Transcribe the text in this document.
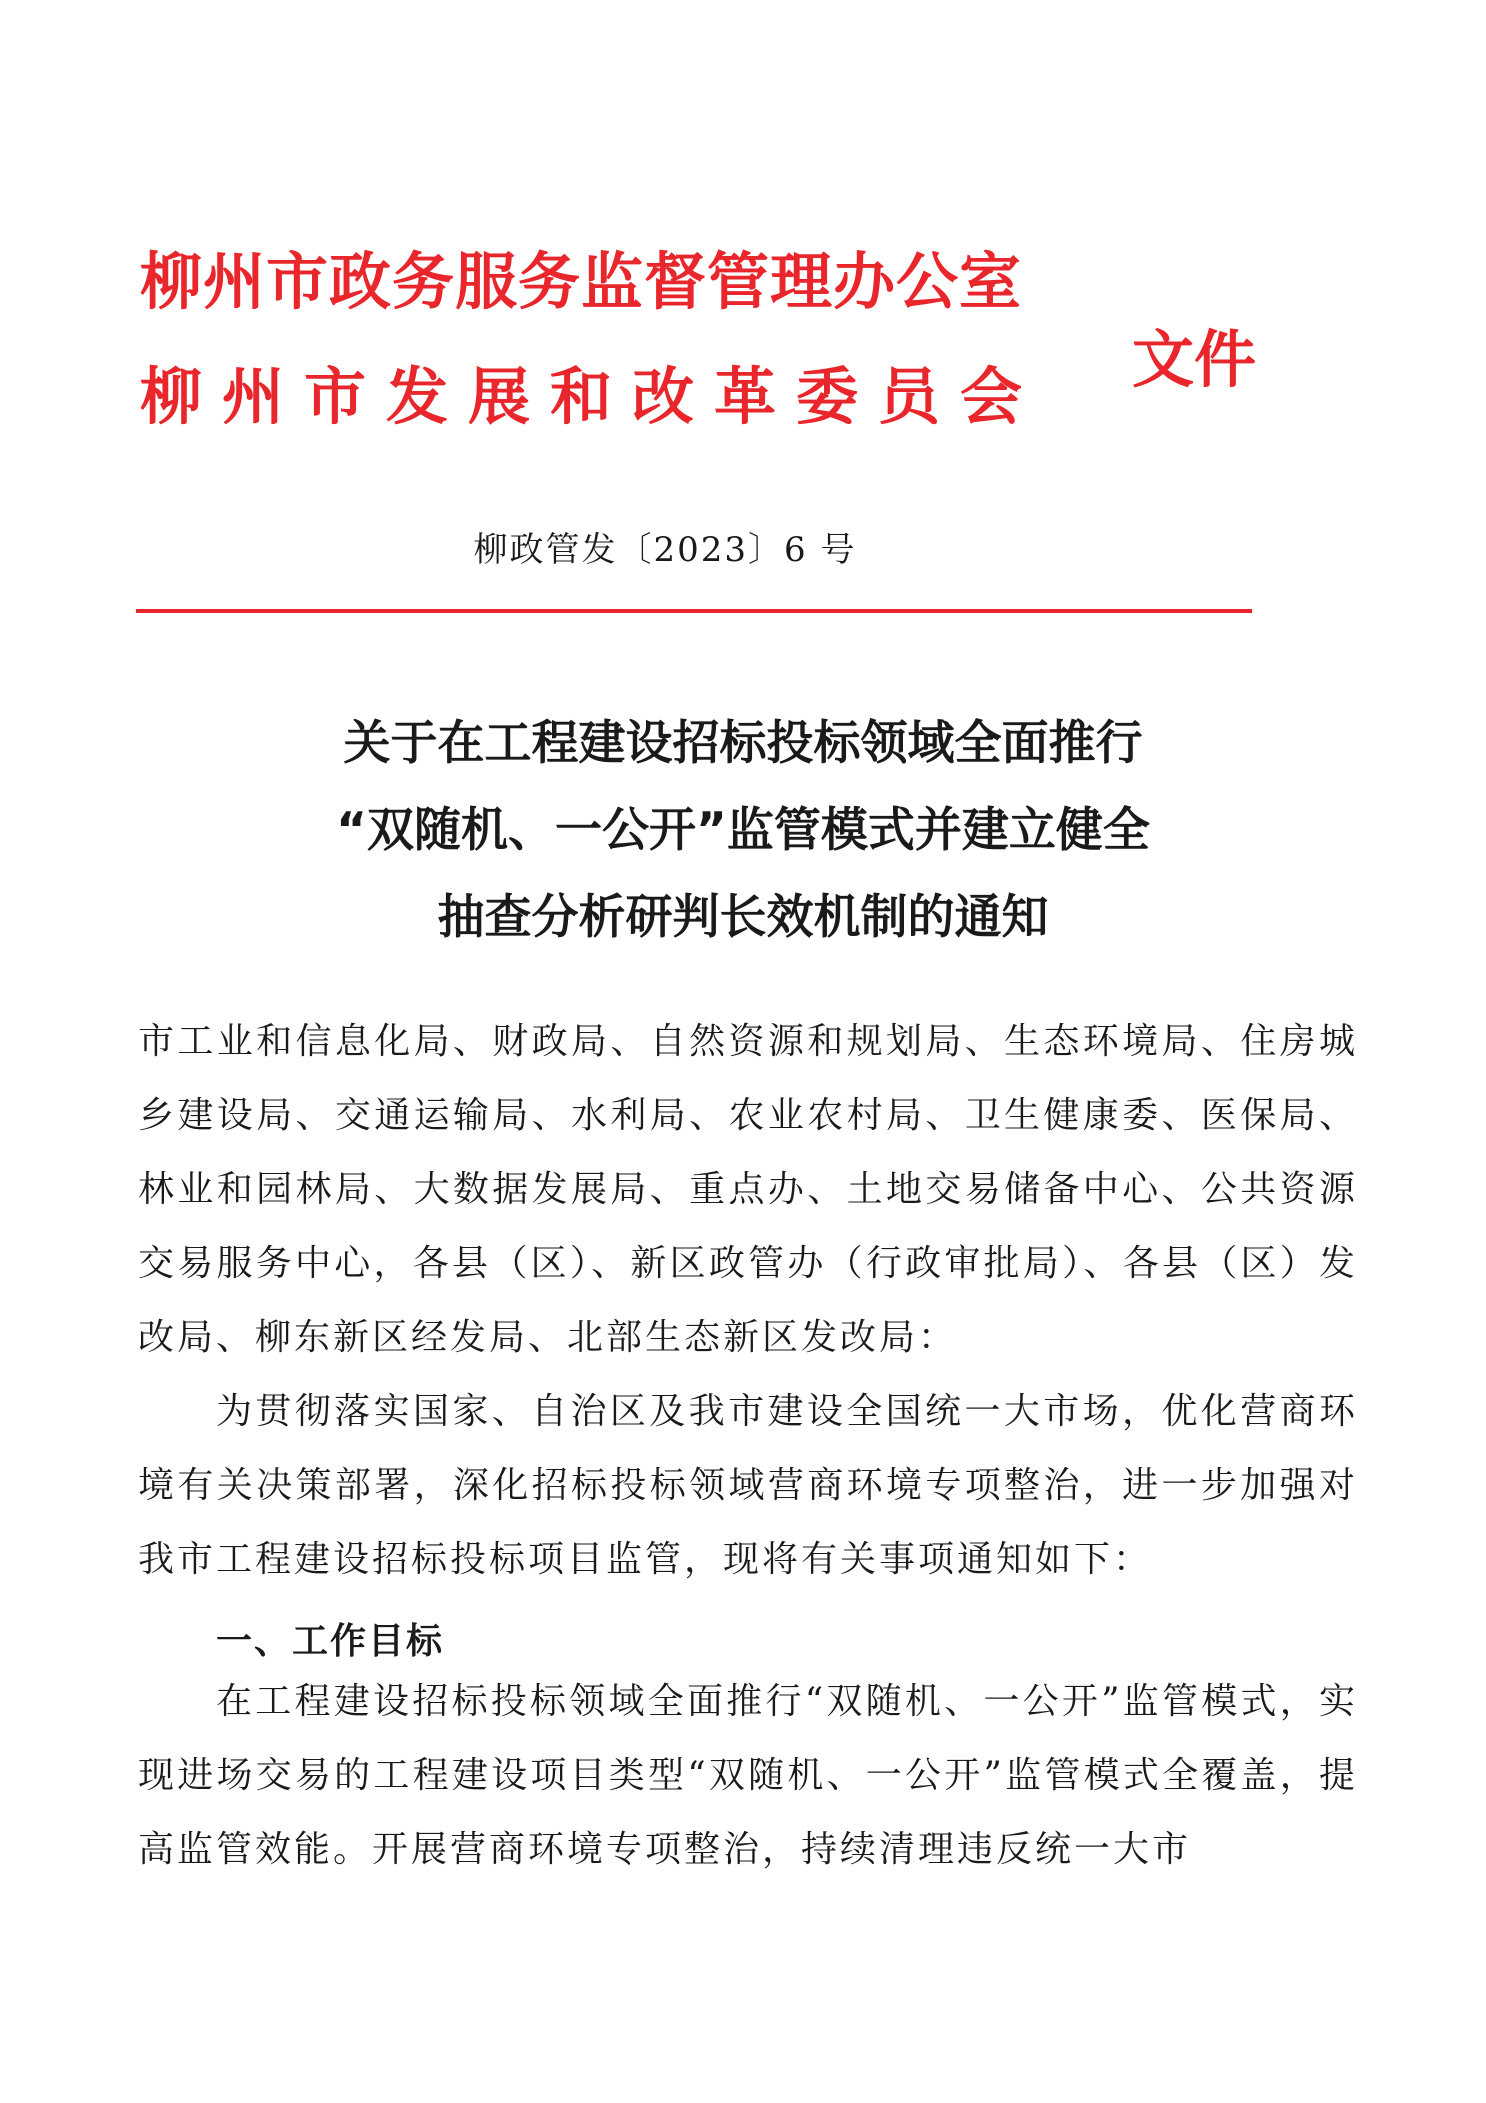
柳州市政务服务监督管理办公室
柳州市发展和改革委员会
文件
柳政管发〔2023〕6 号
关于在工程建设招标投标领域全面推行
“双随机、一公开”监管模式并建立健全
抽查分析研判长效机制的通知
市工业和信息化局、财政局、自然资源和规划局、生态环境局、住房城乡建设局、交通运输局、水利局、农业农村局、卫生健康委、医保局、林业和园林局、大数据发展局、重点办、土地交易储备中心、公共资源交易服务中心，各县（区）、新区政管办（行政审批局）、各县（区）发改局、柳东新区经发局、北部生态新区发改局：
为贯彻落实国家、自治区及我市建设全国统一大市场，优化营商环境有关决策部署，深化招标投标领域营商环境专项整治，进一步加强对我市工程建设招标投标项目监管，现将有关事项通知如下：
一、工作目标
在工程建设招标投标领域全面推行“双随机、一公开”监管模式，实现进场交易的工程建设项目类型“双随机、一公开”监管模式全覆盖，提高监管效能。开展营商环境专项整治，持续清理违反统一大市
